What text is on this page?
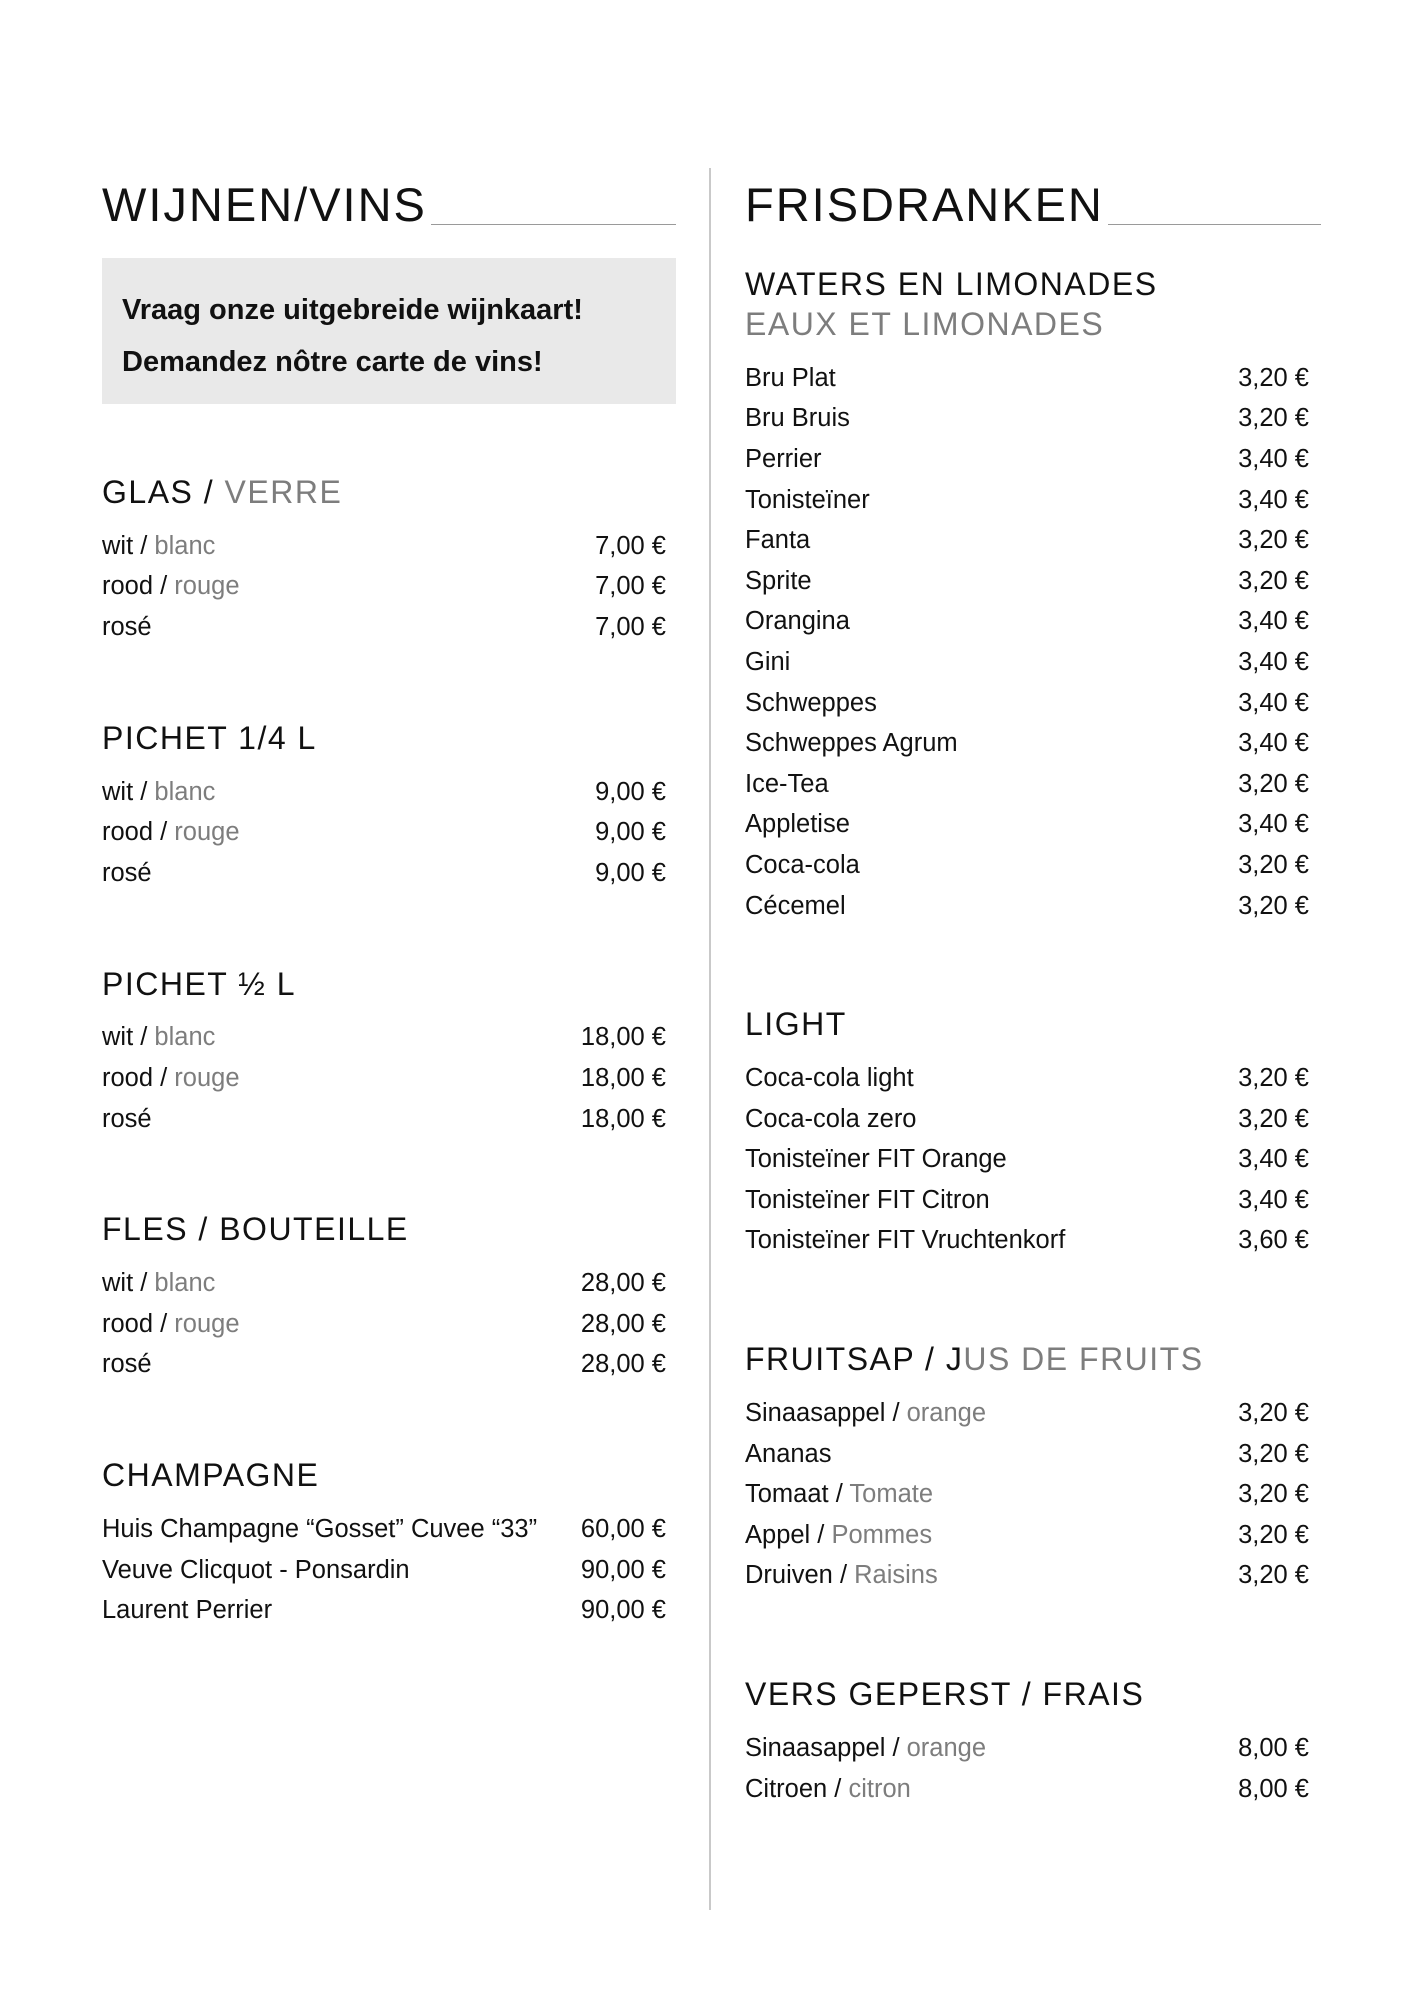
WIJNEN/VINS

Vraag onze uitgebreide wijnkaart!

Demandez nôtre carte de vins!

GLAS / VERRE
wit / blanc	7,00 €
rood / rouge	7,00 €
rosé	7,00 €
PICHET 1/4 L
wit / blanc	9,00 €
rood / rouge	9,00 €
rosé	9,00 €
PICHET ½ L
wit / blanc	18,00 €
rood / rouge	18,00 €
rosé	18,00 €
FLES / BOUTEILLE
wit / blanc	28,00 €
rood / rouge	28,00 €
rosé	28,00 €
CHAMPAGNE
Huis Champagne “Gosset” Cuvee “33” 60,00 €
Veuve Clicquot - Ponsardin	90,00 €
Laurent Perrier	90,00 €
FRISDRANKEN
WATERS EN LIMONADES
EAUX ET LIMONADES
Bru Plat	3,20 €
Bru Bruis	3,20 €
Perrier	3,40 €
Tonisteïner	3,40 €
Fanta	3,20 €
Sprite	3,20 €
Orangina	3,40 €
Gini	3,40 €
Schweppes	3,40 €
Schweppes Agrum	3,40 €
Ice-Tea	3,20 €
Appletise	3,40 €
Coca-cola	3,20 €
Cécemel	3,20 €
LIGHT
Coca-cola light	3,20 €
Coca-cola zero	3,20 €
Tonisteïner FIT Orange	3,40 €
Tonisteïner FIT Citron	3,40 €
Tonisteïner FIT Vruchtenkorf	3,60 €
FRUITSAP / JUS DE FRUITS
Sinaasappel / orange	3,20 €
Ananas	3,20 €
Tomaat / Tomate	3,20 €
Appel / Pommes	3,20 €
Druiven / Raisins	3,20 €
VERS GEPERST / FRAIS
Sinaasappel / orange	8,00 €
Citroen / citron	8,00 €
